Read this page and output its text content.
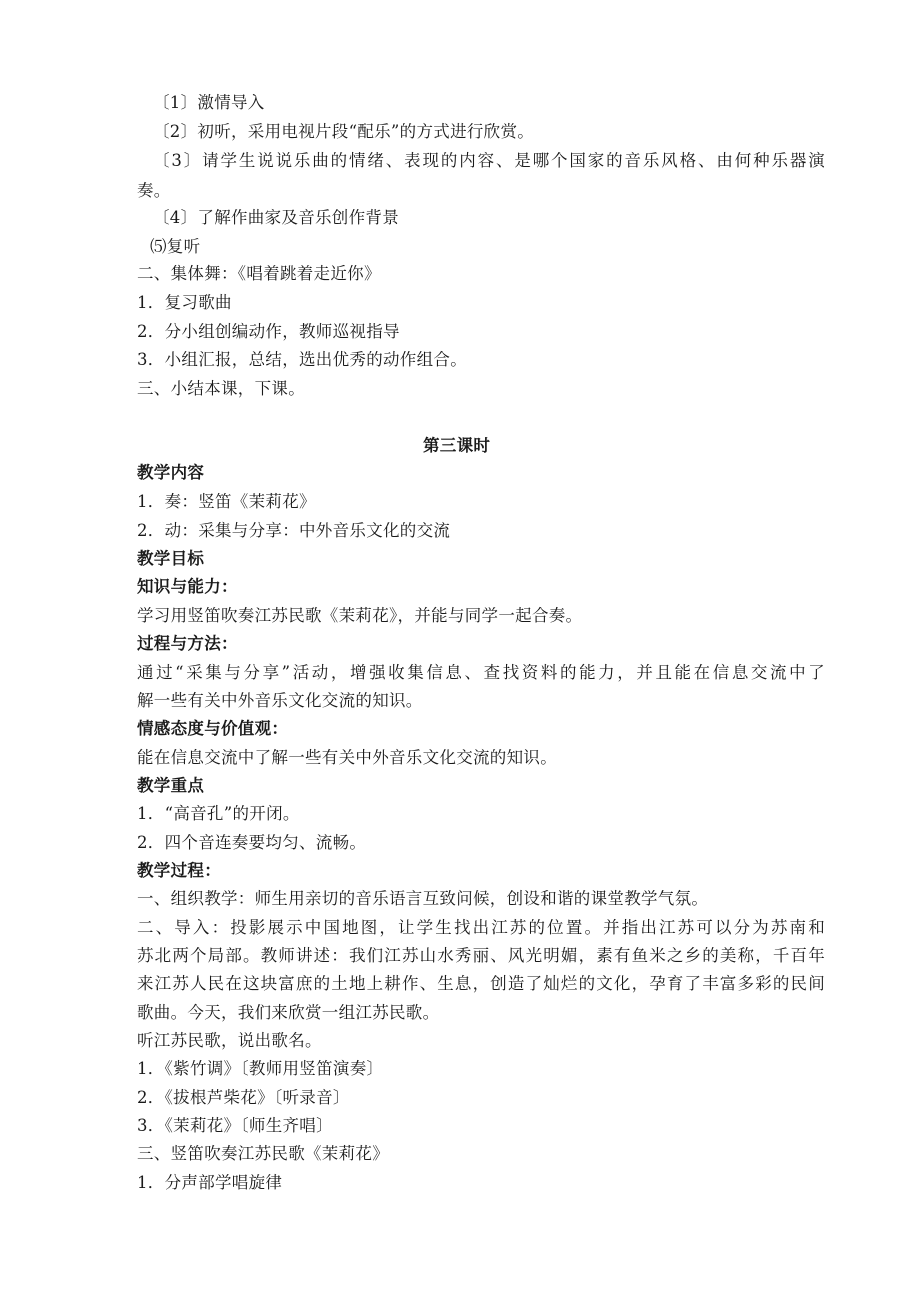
〔1〕激情导入
〔2〕初听，采用电视片段“配乐”的方式进行欣赏。
〔3〕请学生说说乐曲的情绪、表现的内容、是哪个国家的音乐风格、由何种乐器演
奏。
〔4〕了解作曲家及音乐创作背景
⑸复听
二、集体舞：《唱着跳着走近你》
1．复习歌曲
2．分小组创编动作，教师巡视指导
3．小组汇报，总结，选出优秀的动作组合。
三、小结本课，下课。
第三课时
教学内容
1．奏：竖笛《茉莉花》
2．动：采集与分享：中外音乐文化的交流
教学目标
知识与能力：
学习用竖笛吹奏江苏民歌《茉莉花》，并能与同学一起合奏。
过程与方法：
通过“采集与分享”活动，增强收集信息、查找资料的能力，并且能在信息交流中了
解一些有关中外音乐文化交流的知识。
情感态度与价值观：
能在信息交流中了解一些有关中外音乐文化交流的知识。
教学重点
1．“高音孔”的开闭。
2．四个音连奏要均匀、流畅。
教学过程：
一、组织教学：师生用亲切的音乐语言互致问候，创设和谐的课堂教学气氛。
二、导入：投影展示中国地图，让学生找出江苏的位置。并指出江苏可以分为苏南和
苏北两个局部。教师讲述：我们江苏山水秀丽、风光明媚，素有鱼米之乡的美称，千百年
来江苏人民在这块富庶的土地上耕作、生息，创造了灿烂的文化，孕育了丰富多彩的民间
歌曲。今天，我们来欣赏一组江苏民歌。
听江苏民歌，说出歌名。
1．《紫竹调》〔教师用竖笛演奏〕
2．《拔根芦柴花》〔听录音〕
3．《茉莉花》〔师生齐唱〕
三、竖笛吹奏江苏民歌《茉莉花》
1．分声部学唱旋律
